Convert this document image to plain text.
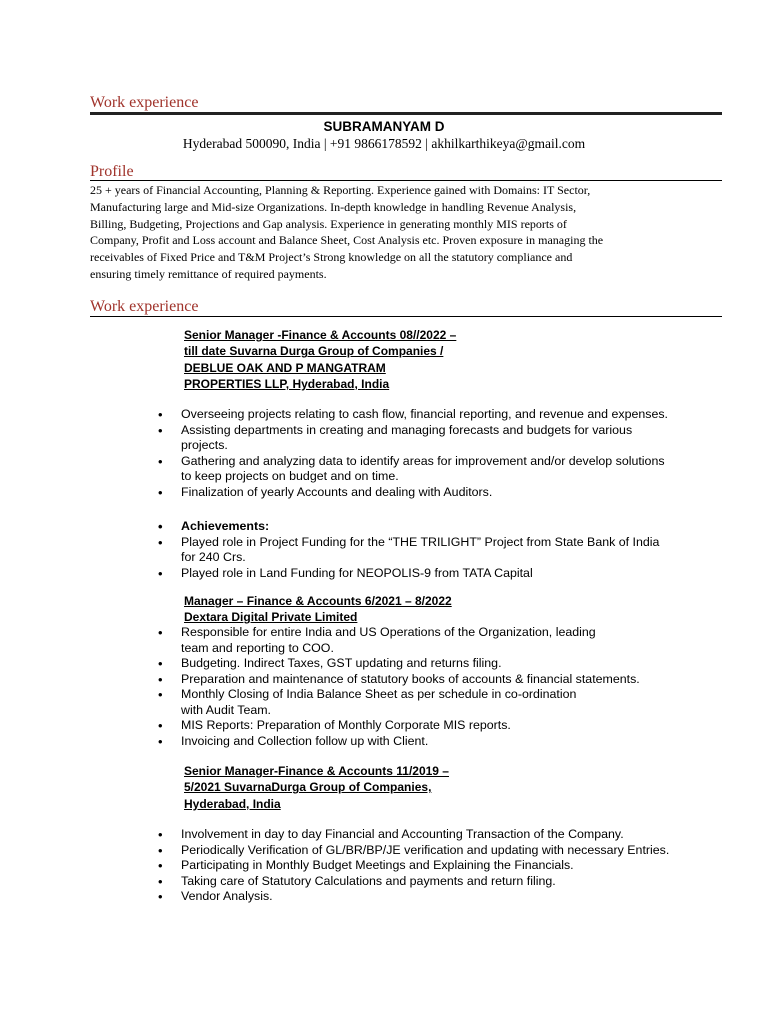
Work experience
SUBRAMANYAM D
Hyderabad 500090, India | +91 9866178592 | akhilkarthikeya@gmail.com
Profile
25 + years of Financial Accounting, Planning & Reporting. Experience gained with Domains: IT Sector,
Manufacturing large and Mid-size Organizations. In-depth knowledge in handling Revenue Analysis,
Billing, Budgeting, Projections and Gap analysis. Experience in generating monthly MIS reports of
Company, Profit and Loss account and Balance Sheet, Cost Analysis etc. Proven exposure in managing the
receivables of Fixed Price and T&M Project’s Strong knowledge on all the statutory compliance and
ensuring timely remittance of required payments.
Work experience
Senior Manager -Finance & Accounts 08//2022 –
till date Suvarna Durga Group of Companies /
DEBLUE OAK AND P MANGATRAM
PROPERTIES LLP, Hyderabad, India
• Overseeing projects relating to cash flow, financial reporting, and revenue and expenses.
• Assisting departments in creating and managing forecasts and budgets for various
projects.
• Gathering and analyzing data to identify areas for improvement and/or develop solutions
to keep projects on budget and on time.
• Finalization of yearly Accounts and dealing with Auditors.
• Achievements:
• Played role in Project Funding for the “THE TRILIGHT” Project from State Bank of India
for 240 Crs.
• Played role in Land Funding for NEOPOLIS-9 from TATA Capital
Manager – Finance & Accounts 6/2021 – 8/2022
Dextara Digital Private Limited
• Responsible for entire India and US Operations of the Organization, leading
team and reporting to COO.
• Budgeting. Indirect Taxes, GST updating and returns filing.
• Preparation and maintenance of statutory books of accounts & financial statements.
• Monthly Closing of India Balance Sheet as per schedule in co-ordination
with Audit Team.
• MIS Reports: Preparation of Monthly Corporate MIS reports.
• Invoicing and Collection follow up with Client.
Senior Manager-Finance & Accounts 11/2019 –
5/2021 SuvarnaDurga Group of Companies,
Hyderabad, India
• Involvement in day to day Financial and Accounting Transaction of the Company.
• Periodically Verification of GL/BR/BP/JE verification and updating with necessary Entries.
• Participating in Monthly Budget Meetings and Explaining the Financials.
• Taking care of Statutory Calculations and payments and return filing.
• Vendor Analysis.
